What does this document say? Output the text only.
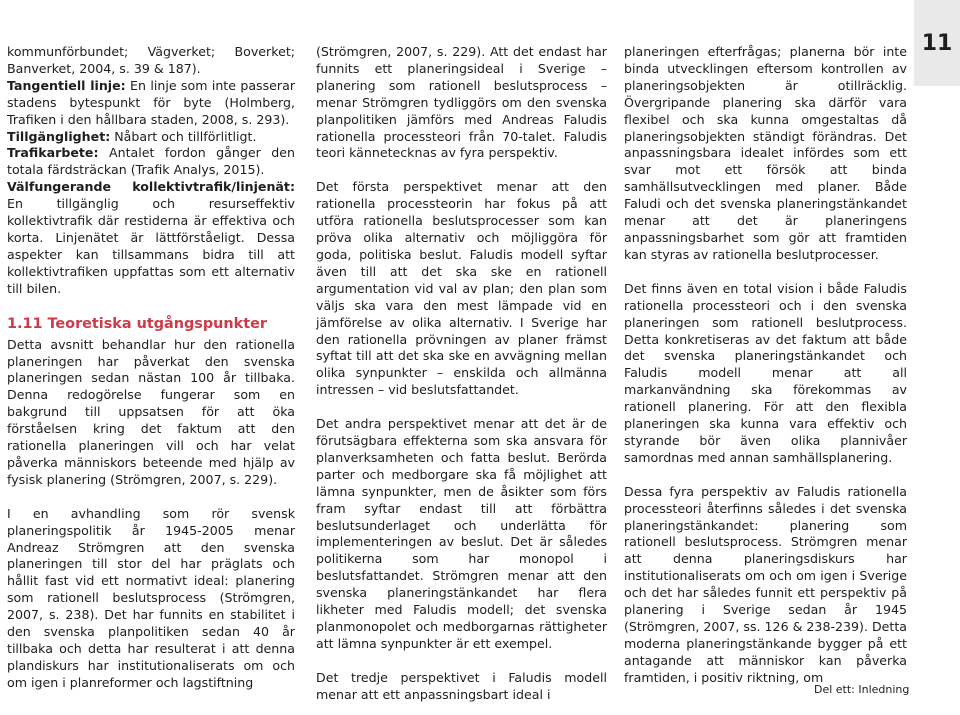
11

kommunförbundet; Vägverket; Boverket; Banverket, 2004, s. 39 & 187).

Tangentiell linje: En linje som inte passerar stadens bytespunkt för byte (Holmberg, Trafiken i den hållbara staden, 2008, s. 293).

Tillgänglighet: Nåbart och tillförlitligt.

Trafikarbete: Antalet fordon gånger den totala färdsträckan (Trafik Analys, 2015).

Välfungerande kollektivtrafik/linjenät: En tillgänglig och resurseffektiv kollektivtrafik där restiderna är effektiva och korta. Linjenätet är lättförståeligt. Dessa aspekter kan tillsammans bidra till att kollektivtrafiken uppfattas som ett alternativ till bilen.

1.11 Teoretiska utgångspunkter

Detta avsnitt behandlar hur den rationella planeringen har påverkat den svenska planeringen sedan nästan 100 år tillbaka. Denna redogörelse fungerar som en bakgrund till uppsatsen för att öka förståelsen kring det faktum att den rationella planeringen vill och har velat påverka människors beteende med hjälp av fysisk planering (Strömgren, 2007, s. 229).

I en avhandling som rör svensk planeringspolitik år 1945-2005 menar Andreaz Strömgren att den svenska planeringen till stor del har präglats och hållit fast vid ett normativt ideal: planering som rationell beslutsprocess (Strömgren, 2007, s. 238). Det har funnits en stabilitet i den svenska planpolitiken sedan 40 år tillbaka och detta har resulterat i att denna plandiskurs har institutionaliserats om och om igen i planreformer och lagstiftning

(Strömgren, 2007, s. 229). Att det endast har funnits ett planeringsideal i Sverige – planering som rationell beslutsprocess – menar Strömgren tydliggörs om den svenska planpolitiken jämförs med Andreas Faludis rationella processteori från 70-talet. Faludis teori kännetecknas av fyra perspektiv.

Det första perspektivet menar att den rationella processteorin har fokus på att utföra rationella beslutsprocesser som kan pröva olika alternativ och möjliggöra för goda, politiska beslut. Faludis modell syftar även till att det ska ske en rationell argumentation vid val av plan; den plan som väljs ska vara den mest lämpade vid en jämförelse av olika alternativ. I Sverige har den rationella prövningen av planer främst syftat till att det ska ske en avvägning mellan olika synpunkter – enskilda och allmänna intressen – vid beslutsfattandet.

Det andra perspektivet menar att det är de förutsägbara effekterna som ska ansvara för planverksamheten och fatta beslut. Berörda parter och medborgare ska få möjlighet att lämna synpunkter, men de åsikter som förs fram syftar endast till att förbättra beslutsunderlaget och underlätta för implementeringen av beslut. Det är således politikerna som har monopol i beslutsfattandet. Strömgren menar att den svenska planeringstänkandet har flera likheter med Faludis modell; det svenska planmonopolet och medborgarnas rättigheter att lämna synpunkter är ett exempel.

Det tredje perspektivet i Faludis modell menar att ett anpassningsbart ideal i

planeringen efterfrågas; planerna bör inte binda utvecklingen eftersom kontrollen av planeringsobjekten är otillräcklig. Övergripande planering ska därför vara flexibel och ska kunna omgestaltas då planeringsobjekten ständigt förändras. Det anpassningsbara idealet infördes som ett svar mot ett försök att binda samhällsutvecklingen med planer. Både Faludi och det svenska planeringstänkandet menar att det är planeringens anpassningsbarhet som gör att framtiden kan styras av rationella beslutprocesser.

Det finns även en total vision i både Faludis rationella processteori och i den svenska planeringen som rationell beslutprocess. Detta konkretiseras av det faktum att både det svenska planeringstänkandet och Faludis modell menar att all markanvändning ska förekommas av rationell planering. För att den flexibla planeringen ska kunna vara effektiv och styrande bör även olika plannivåer samordnas med annan samhällsplanering.

Dessa fyra perspektiv av Faludis rationella processteori återfinns således i det svenska planeringstänkandet: planering som rationell beslutsprocess. Strömgren menar att denna planeringsdiskurs har institutionaliserats om och om igen i Sverige och det har således funnit ett perspektiv på planering i Sverige sedan år 1945 (Strömgren, 2007, ss. 126 & 238-239). Detta moderna planeringstänkande bygger på ett antagande att människor kan påverka framtiden, i positiv riktning, om

Del ett: Inledning
